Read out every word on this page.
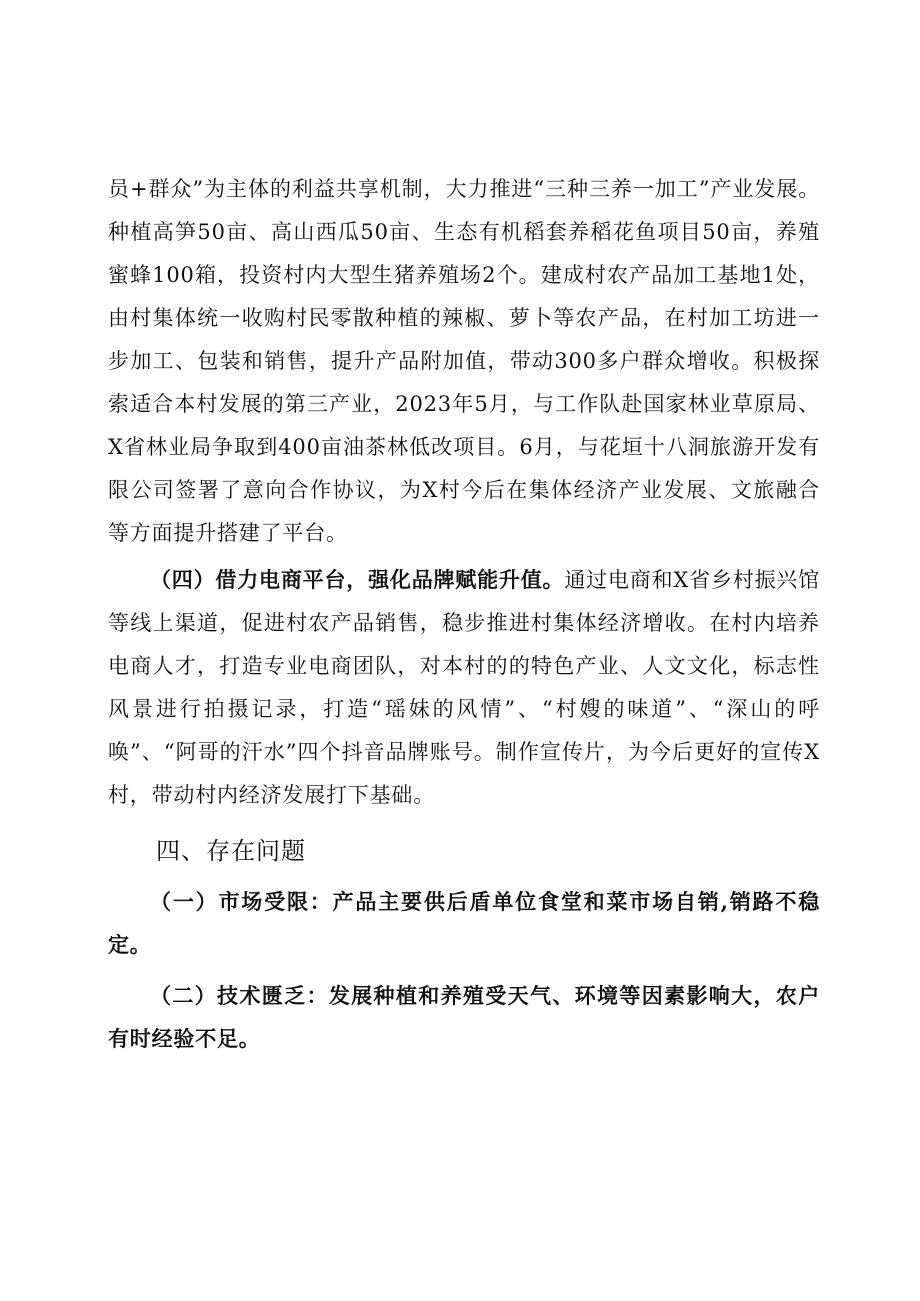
员+群众”为主体的利益共享机制，大力推进“三种三养一加工”产业发展。种植高笋50亩、高山西瓜50亩、生态有机稻套养稻花鱼项目50亩，养殖蜜蜂100箱，投资村内大型生猪养殖场2个。建成村农产品加工基地1处，由村集体统一收购村民零散种植的辣椒、萝卜等农产品，在村加工坊进一步加工、包装和销售，提升产品附加值，带动300多户群众增收。积极探索适合本村发展的第三产业，2023年5月，与工作队赴国家林业草原局、X省林业局争取到400亩油茶林低改项目。6月，与花垣十八洞旅游开发有限公司签署了意向合作协议，为X村今后在集体经济产业发展、文旅融合等方面提升搭建了平台。

（四）借力电商平台，强化品牌赋能升值。通过电商和X省乡村振兴馆等线上渠道，促进村农产品销售，稳步推进村集体经济增收。在村内培养电商人才，打造专业电商团队，对本村的的特色产业、人文文化，标志性风景进行拍摄记录，打造“瑶妹的风情”、“村嫂的味道”、“深山的呼唤”、“阿哥的汗水”四个抖音品牌账号。制作宣传片，为今后更好的宣传X村，带动村内经济发展打下基础。

四、存在问题

（一）市场受限：产品主要供后盾单位食堂和菜市场自销,销路不稳定。

（二）技术匮乏：发展种植和养殖受天气、环境等因素影响大，农户有时经验不足。
